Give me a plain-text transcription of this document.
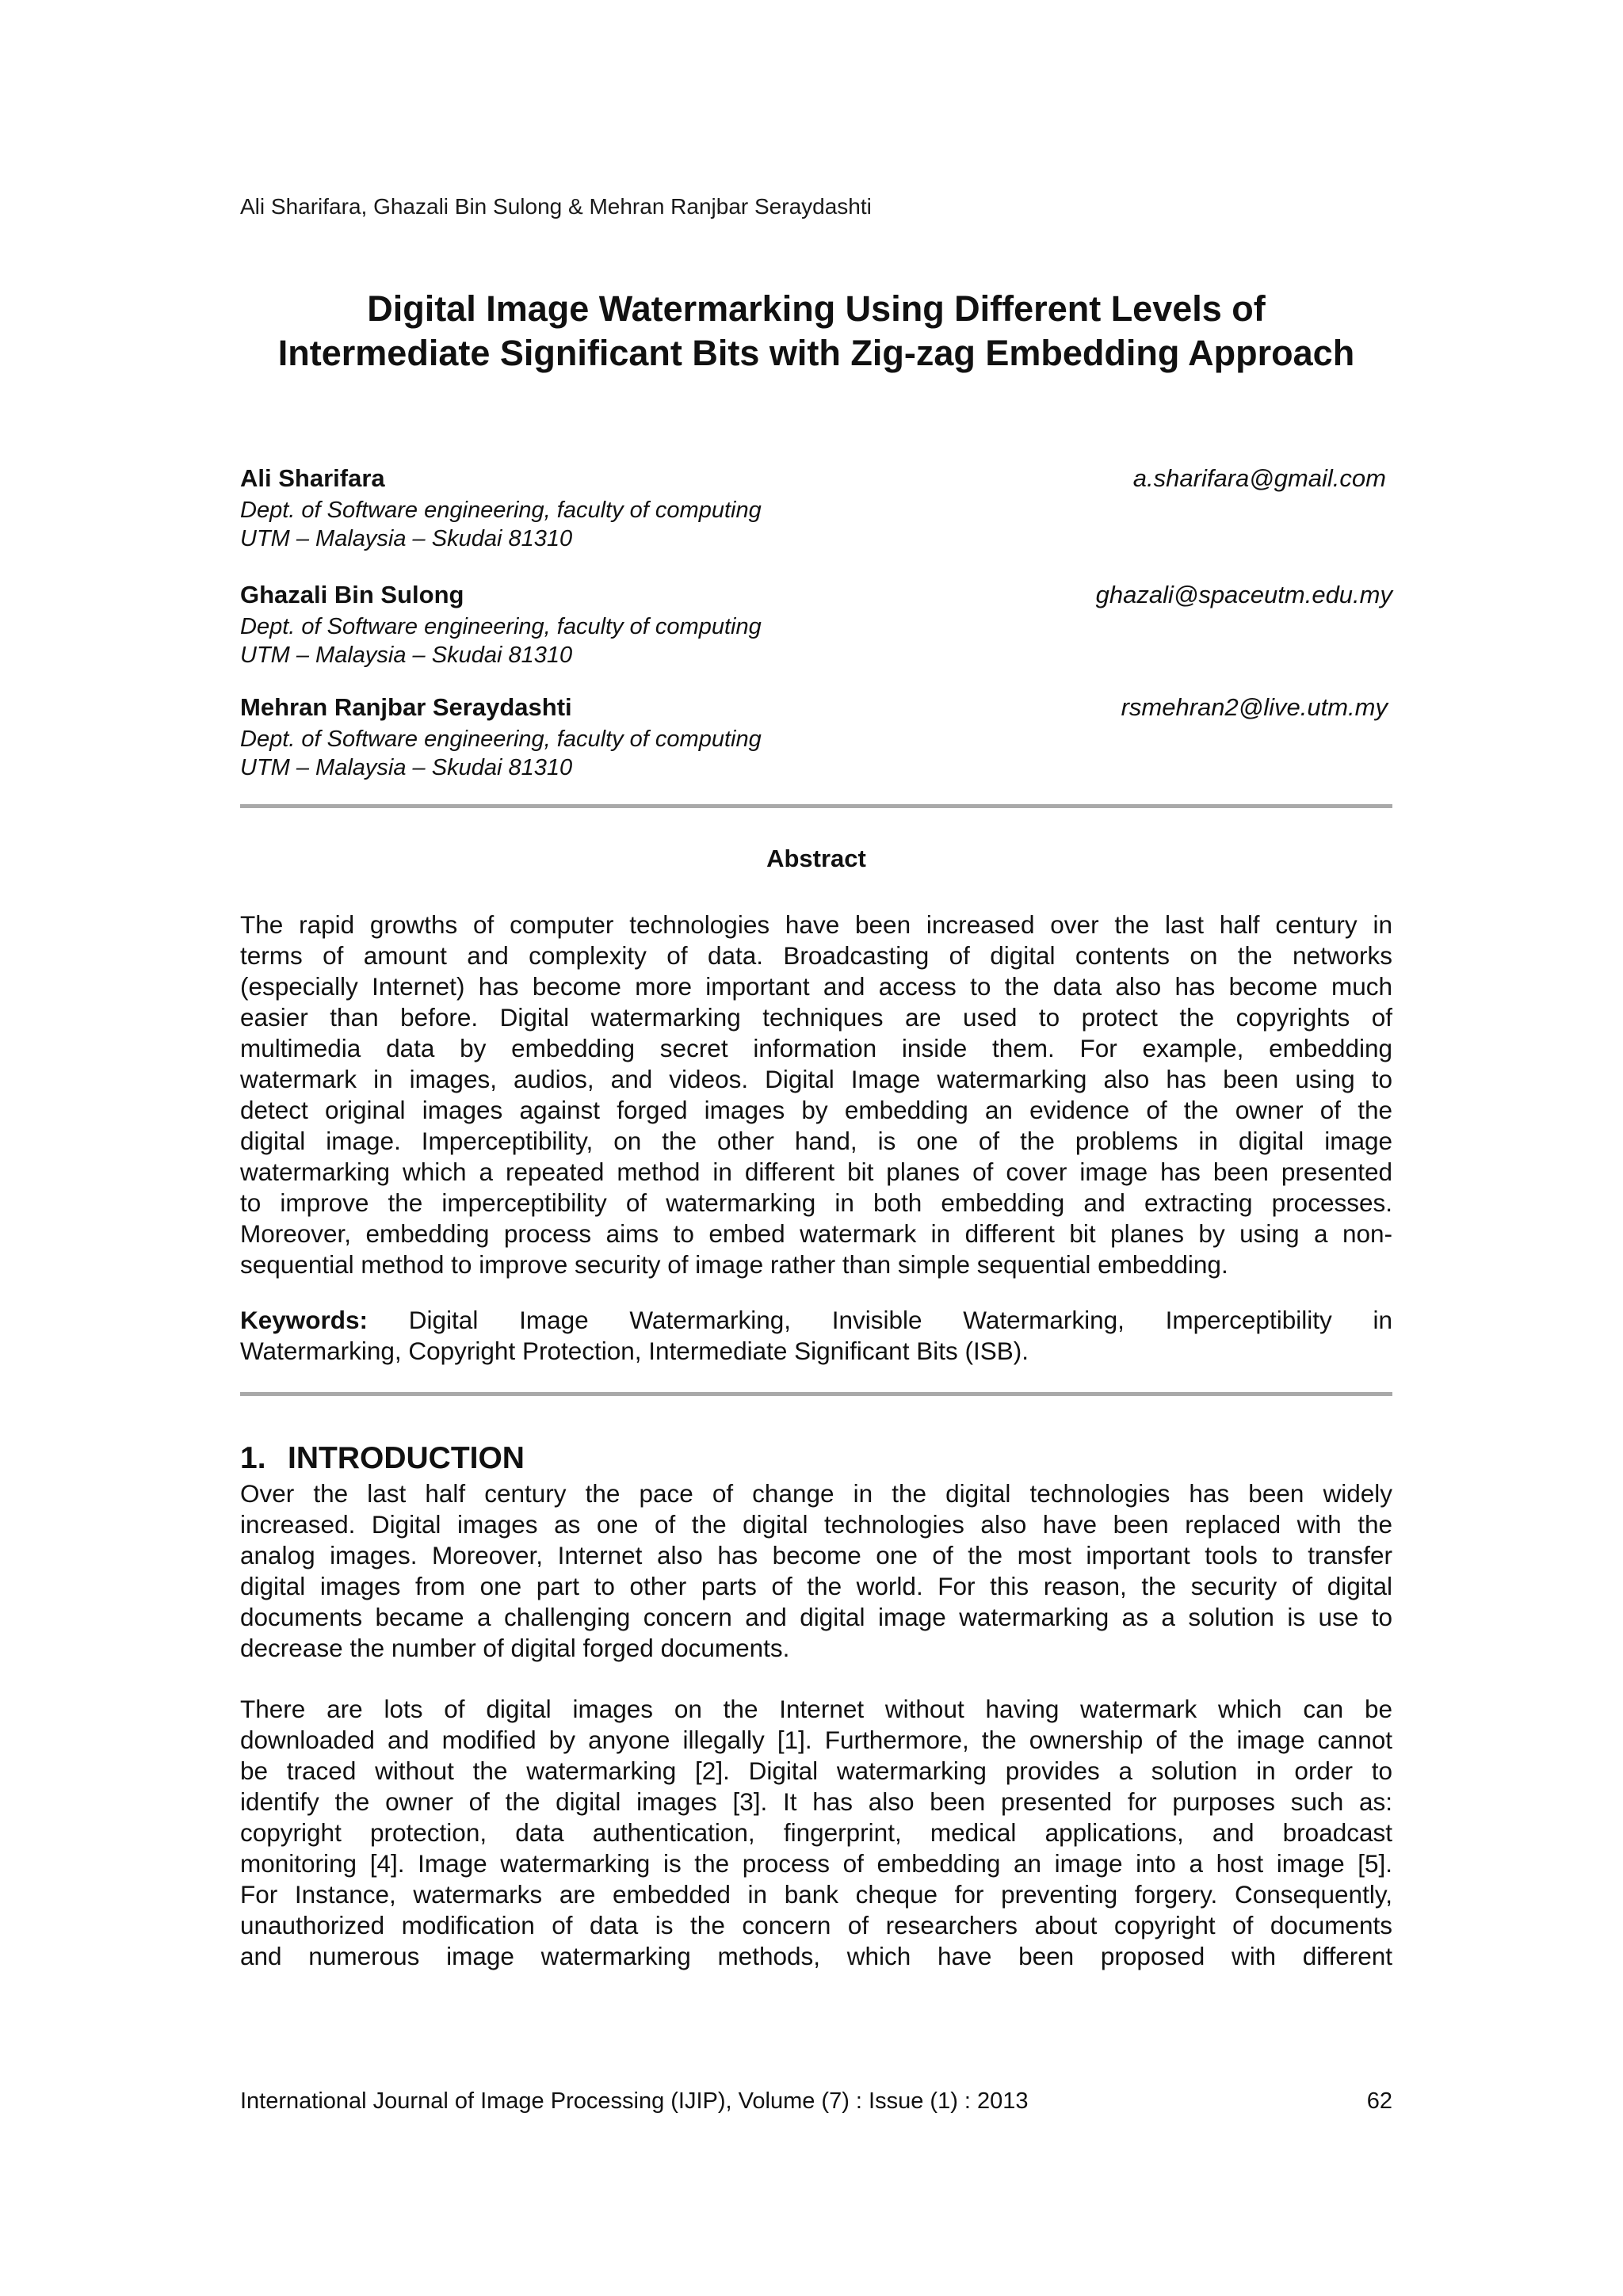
Ali Sharifara, Ghazali Bin Sulong & Mehran Ranjbar Seraydashti
Digital Image Watermarking Using Different Levels of
Intermediate Significant Bits with Zig-zag Embedding Approach
Ali Sharifara
Dept. of Software engineering, faculty of computing
UTM – Malaysia – Skudai 81310
a.sharifara@gmail.com
Ghazali Bin Sulong
Dept. of Software engineering, faculty of computing
UTM – Malaysia – Skudai 81310
ghazali@spaceutm.edu.my
Mehran Ranjbar Seraydashti
Dept. of Software engineering, faculty of computing
UTM – Malaysia – Skudai 81310
rsmehran2@live.utm.my
Abstract
The rapid growths of computer technologies have been increased over the last half century in
terms of amount and complexity of data. Broadcasting of digital contents on the networks
(especially Internet) has become more important and access to the data also has become much
easier than before. Digital watermarking techniques are used to protect the copyrights of
multimedia data by embedding secret information inside them. For example, embedding
watermark in images, audios, and videos. Digital Image watermarking also has been using to
detect original images against forged images by embedding an evidence of the owner of the
digital image. Imperceptibility, on the other hand, is one of the problems in digital image
watermarking which a repeated method in different bit planes of cover image has been presented
to improve the imperceptibility of watermarking in both embedding and extracting processes.
Moreover, embedding process aims to embed watermark in different bit planes by using a non-
sequential method to improve security of image rather than simple sequential embedding.
Keywords: Digital Image Watermarking, Invisible Watermarking, Imperceptibility in
Watermarking, Copyright Protection, Intermediate Significant Bits (ISB).
1. INTRODUCTION
Over the last half century the pace of change in the digital technologies has been widely
increased. Digital images as one of the digital technologies also have been replaced with the
analog images. Moreover, Internet also has become one of the most important tools to transfer
digital images from one part to other parts of the world. For this reason, the security of digital
documents became a challenging concern and digital image watermarking as a solution is use to
decrease the number of digital forged documents.
There are lots of digital images on the Internet without having watermark which can be
downloaded and modified by anyone illegally [1]. Furthermore, the ownership of the image cannot
be traced without the watermarking [2]. Digital watermarking provides a solution in order to
identify the owner of the digital images [3]. It has also been presented for purposes such as:
copyright protection, data authentication, fingerprint, medical applications, and broadcast
monitoring [4]. Image watermarking is the process of embedding an image into a host image [5].
For Instance, watermarks are embedded in bank cheque for preventing forgery. Consequently,
unauthorized modification of data is the concern of researchers about copyright of documents
and numerous image watermarking methods, which have been proposed with different
International Journal of Image Processing (IJIP), Volume (7) : Issue (1) : 2013	62
